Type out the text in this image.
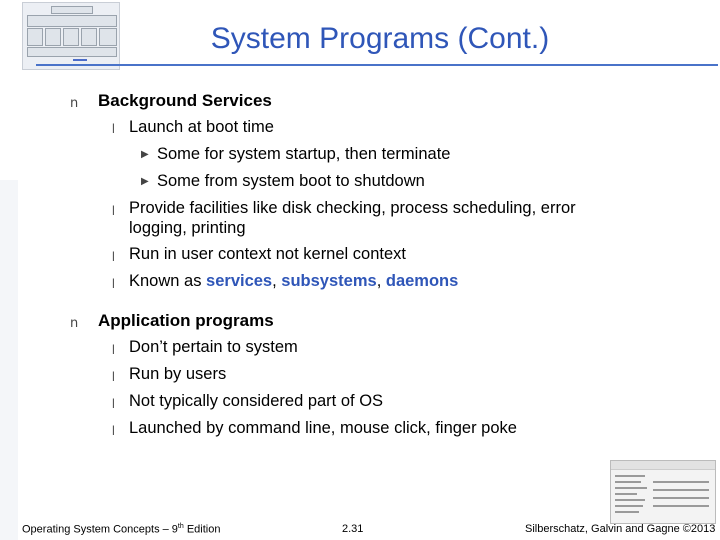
System Programs (Cont.)
n Background Services
l Launch at boot time
▶ Some for system startup, then terminate
▶ Some from system boot to shutdown
l Provide facilities like disk checking, process scheduling, error
logging, printing
l Run in user context not kernel context
l Known as services, subsystems, daemons
n Application programs
l Don’t pertain to system
l Run by users
l Not typically considered part of OS
l Launched by command line, mouse click, finger poke
Operating System Concepts – 9th Edition	2.31	Silberschatz, Galvin and Gagne ©2013
